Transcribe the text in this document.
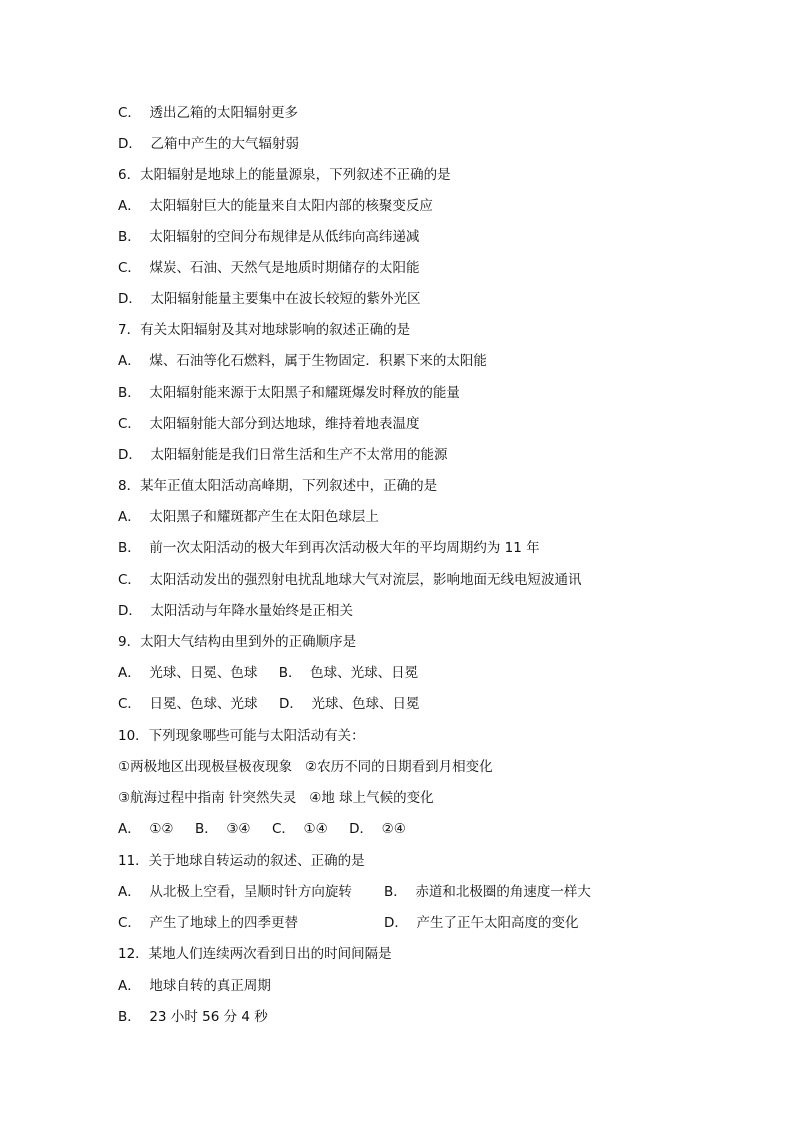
C．  透出乙箱的太阳辐射更多
D．  乙箱中产生的大气辐射弱
6．太阳辐射是地球上的能量源泉，下列叙述不正确的是
A．  太阳辐射巨大的能量来自太阳内部的核聚变反应
B．  太阳辐射的空间分布规律是从低纬向高纬递减
C．  煤炭、石油、天然气是地质时期储存的太阳能
D．  太阳辐射能量主要集中在波长较短的紫外光区
7．有关太阳辐射及其对地球影响的叙述正确的是
A．  煤、石油等化石燃料，属于生物固定．积累下来的太阳能
B．  太阳辐射能来源于太阳黑子和耀斑爆发时释放的能量
C．  太阳辐射能大部分到达地球，维持着地表温度
D．  太阳辐射能是我们日常生活和生产不太常用的能源
8．某年正值太阳活动高峰期，下列叙述中，正确的是
A．  太阳黑子和耀斑都产生在太阳色球层上
B．  前一次太阳活动的极大年到再次活动极大年的平均周期约为 11 年
C．  太阳活动发出的强烈射电扰乱地球大气对流层，影响地面无线电短波通讯
D．  太阳活动与年降水量始终是正相关
9．太阳大气结构由里到外的正确顺序是
A．  光球、日冕、色球     B．  色球、光球、日冕
C．  日冕、色球、光球     D．  光球、色球、日冕
10．下列现象哪些可能与太阳活动有关：
①两极地区出现极昼极夜现象   ②农历不同的日期看到月相变化
③航海过程中指南 针突然失灵   ④地 球上气候的变化
A．  ①②     B．  ③④     C．  ①④     D．  ②④
11．关于地球自转运动的叙述、正确的是
A．  从北极上空看，呈顺时针方向旋转 B．  赤道和北极圈的角速度一样大
C．  产生了地球上的四季更替	D．  产生了正午太阳高度的变化
12．某地人们连续两次看到日出的时间间隔是
A．  地球自转的真正周期
B．  23 小时 56 分 4 秒
